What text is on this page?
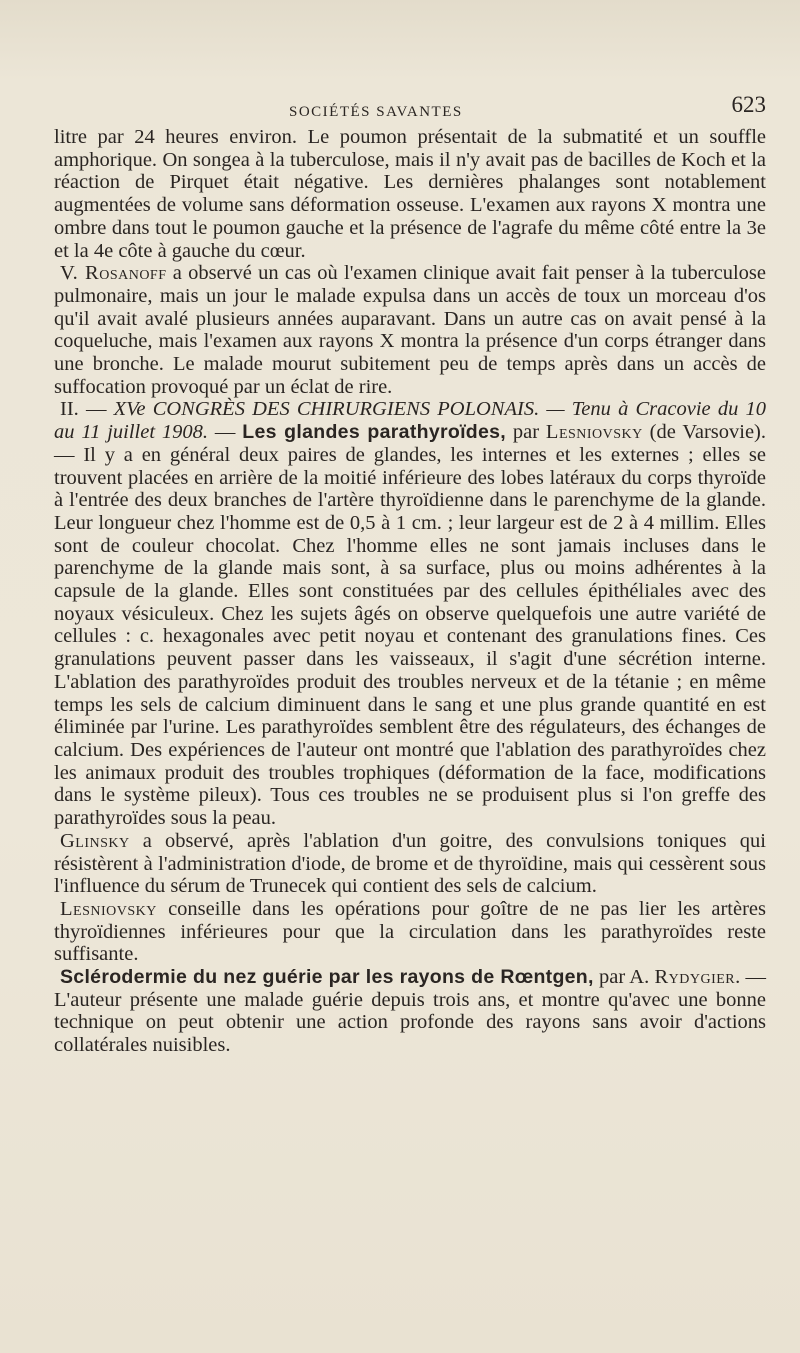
SOCIÉTÉS SAVANTES	623

litre par 24 heures environ. Le poumon présentait de la submatité et un souffle amphorique. On songea à la tuberculose, mais il n'y avait pas de bacilles de Koch et la réaction de Pirquet était négative. Les dernières phalanges sont notablement augmentées de volume sans déformation osseuse. L'examen aux rayons X montra une ombre dans tout le poumon gauche et la présence de l'agrafe du même côté entre la 3e et la 4e côte à gauche du cœur.

V. Rosanoff a observé un cas où l'examen clinique avait fait penser à la tuberculose pulmonaire, mais un jour le malade expulsa dans un accès de toux un morceau d'os qu'il avait avalé plusieurs années auparavant. Dans un autre cas on avait pensé à la coqueluche, mais l'examen aux rayons X montra la présence d'un corps étranger dans une bronche. Le malade mourut subitement peu de temps après dans un accès de suffocation provoqué par un éclat de rire.

II. — XVe CONGRÈS DES CHIRURGIENS POLONAIS. — Tenu à Cracovie du 10 au 11 juillet 1908. — Les glandes parathyroïdes, par Lesniovsky (de Varsovie). — Il y a en général deux paires de glandes, les internes et les externes ; elles se trouvent placées en arrière de la moitié inférieure des lobes latéraux du corps thyroïde à l'entrée des deux branches de l'artère thyroïdienne dans le parenchyme de la glande. Leur longueur chez l'homme est de 0,5 à 1 cm. ; leur largeur est de 2 à 4 millim. Elles sont de couleur chocolat. Chez l'homme elles ne sont jamais incluses dans le parenchyme de la glande mais sont, à sa surface, plus ou moins adhérentes à la capsule de la glande. Elles sont constituées par des cellules épithéliales avec des noyaux vésiculeux. Chez les sujets âgés on observe quelquefois une autre variété de cellules : c. hexagonales avec petit noyau et contenant des granulations fines. Ces granulations peuvent passer dans les vaisseaux, il s'agit d'une sécrétion interne. L'ablation des parathyroïdes produit des troubles nerveux et de la tétanie ; en même temps les sels de calcium diminuent dans le sang et une plus grande quantité en est éliminée par l'urine. Les parathyroïdes semblent être des régulateurs, des échanges de calcium. Des expériences de l'auteur ont montré que l'ablation des parathyroïdes chez les animaux produit des troubles trophiques (déformation de la face, modifications dans le système pileux). Tous ces troubles ne se produisent plus si l'on greffe des parathyroïdes sous la peau.

Glinsky a observé, après l'ablation d'un goitre, des convulsions toniques qui résistèrent à l'administration d'iode, de brome et de thyroïdine, mais qui cessèrent sous l'influence du sérum de Trunecek qui contient des sels de calcium.

Lesniovsky conseille dans les opérations pour goître de ne pas lier les artères thyroïdiennes inférieures pour que la circulation dans les parathyroïdes reste suffisante.

Sclérodermie du nez guérie par les rayons de Rœntgen, par A. Rydygier. — L'auteur présente une malade guérie depuis trois ans, et montre qu'avec une bonne technique on peut obtenir une action profonde des rayons sans avoir d'actions collatérales nuisibles.
